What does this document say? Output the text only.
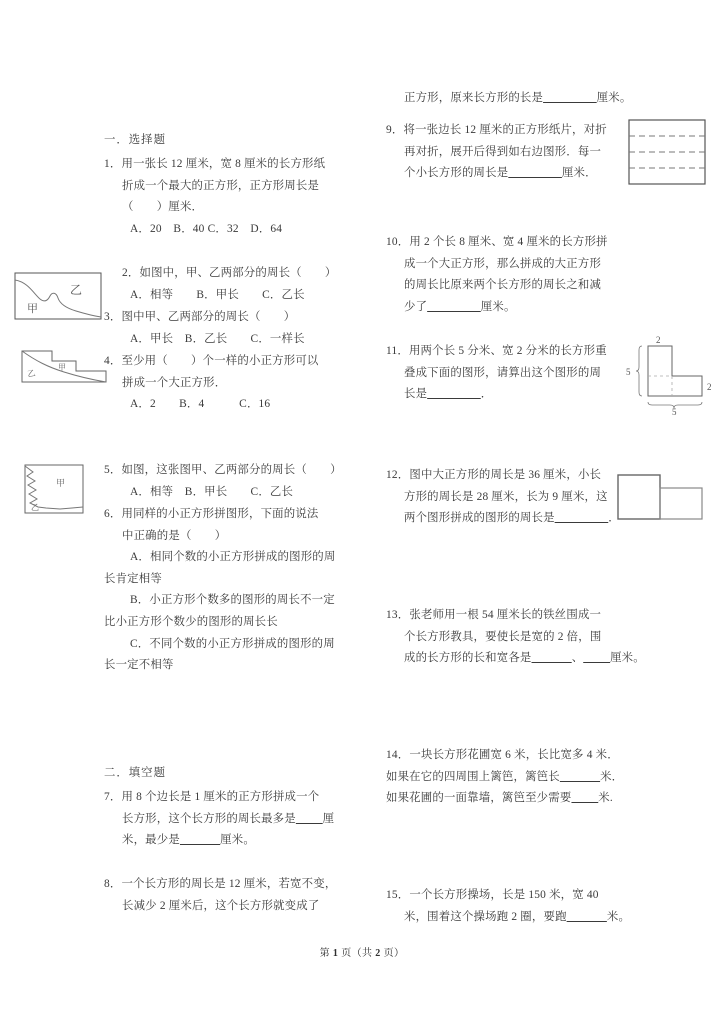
一．选择题
1．用一张长 12 厘米，宽 8 厘米的长方形纸
折成一个最大的正方形，正方形周长是
（　　）厘米．
A．20　B．40 C．32　D．64
2．如图中，甲、乙两部分的周长（　　）
A．相等　　B．甲长　　C．乙长
3．图中甲、乙两部分的周长（　　）
A．甲长　B．乙长　　C．一样长
4．至少用（　　）个一样的小正方形可以
拼成一个大正方形．
A．2　　B．4　　　C．16
5．如图，这张图甲、乙两部分的周长（　　）
A．相等　B．甲长　　C．乙长
6．用同样的小正方形拼图形，下面的说法
中正确的是（　　）
A．相同个数的小正方形拼成的图形的周
长肯定相等
B．小正方形个数多的图形的周长不一定
比小正方形个数少的图形的周长长
C．不同个数的小正方形拼成的图形的周
长一定不相等
二．填空题
7．用 8 个边长是 1 厘米的正方形拼成一个
长方形，这个长方形的周长最多是＿＿厘
米，最少是＿＿＿厘米。
8．一个长方形的周长是 12 厘米，若宽不变，
长减少 2 厘米后，这个长方形就变成了
正方形，原来长方形的长是＿＿＿＿厘米。
9．将一张边长 12 厘米的正方形纸片，对折
再对折，展开后得到如右边图形．每一
个小长方形的周长是＿＿＿＿厘米．
10．用 2 个长 8 厘米、宽 4 厘米的长方形拼
成一个大正方形，那么拼成的大正方形
的周长比原来两个长方形的周长之和减
少了＿＿＿＿厘米。
11．用两个长 5 分米、宽 2 分米的长方形重
叠成下面的图形，请算出这个图形的周
长是＿＿＿＿．
12．图中大正方形的周长是 36 厘米，小长
方形的周长是 28 厘米，长为 9 厘米，这
两个图形拼成的图形的周长是＿＿＿＿．
13．张老师用一根 54 厘米长的铁丝围成一
个长方形教具，要使长是宽的 2 倍，围
成的长方形的长和宽各是＿＿＿、＿＿厘米。
14．一块长方形花圃宽 6 米，长比宽多 4 米．
如果在它的四周围上篱笆，篱笆长＿＿＿米．
如果花圃的一面靠墙，篱笆至少需要＿＿米.
15．一个长方形操场，长是 150 米，宽 40
米，围着这个操场跑 2 圈，要跑＿＿＿米。
甲
乙
乙
甲
甲
乙
2
5
2
5
第 1 页（共 2 页）
